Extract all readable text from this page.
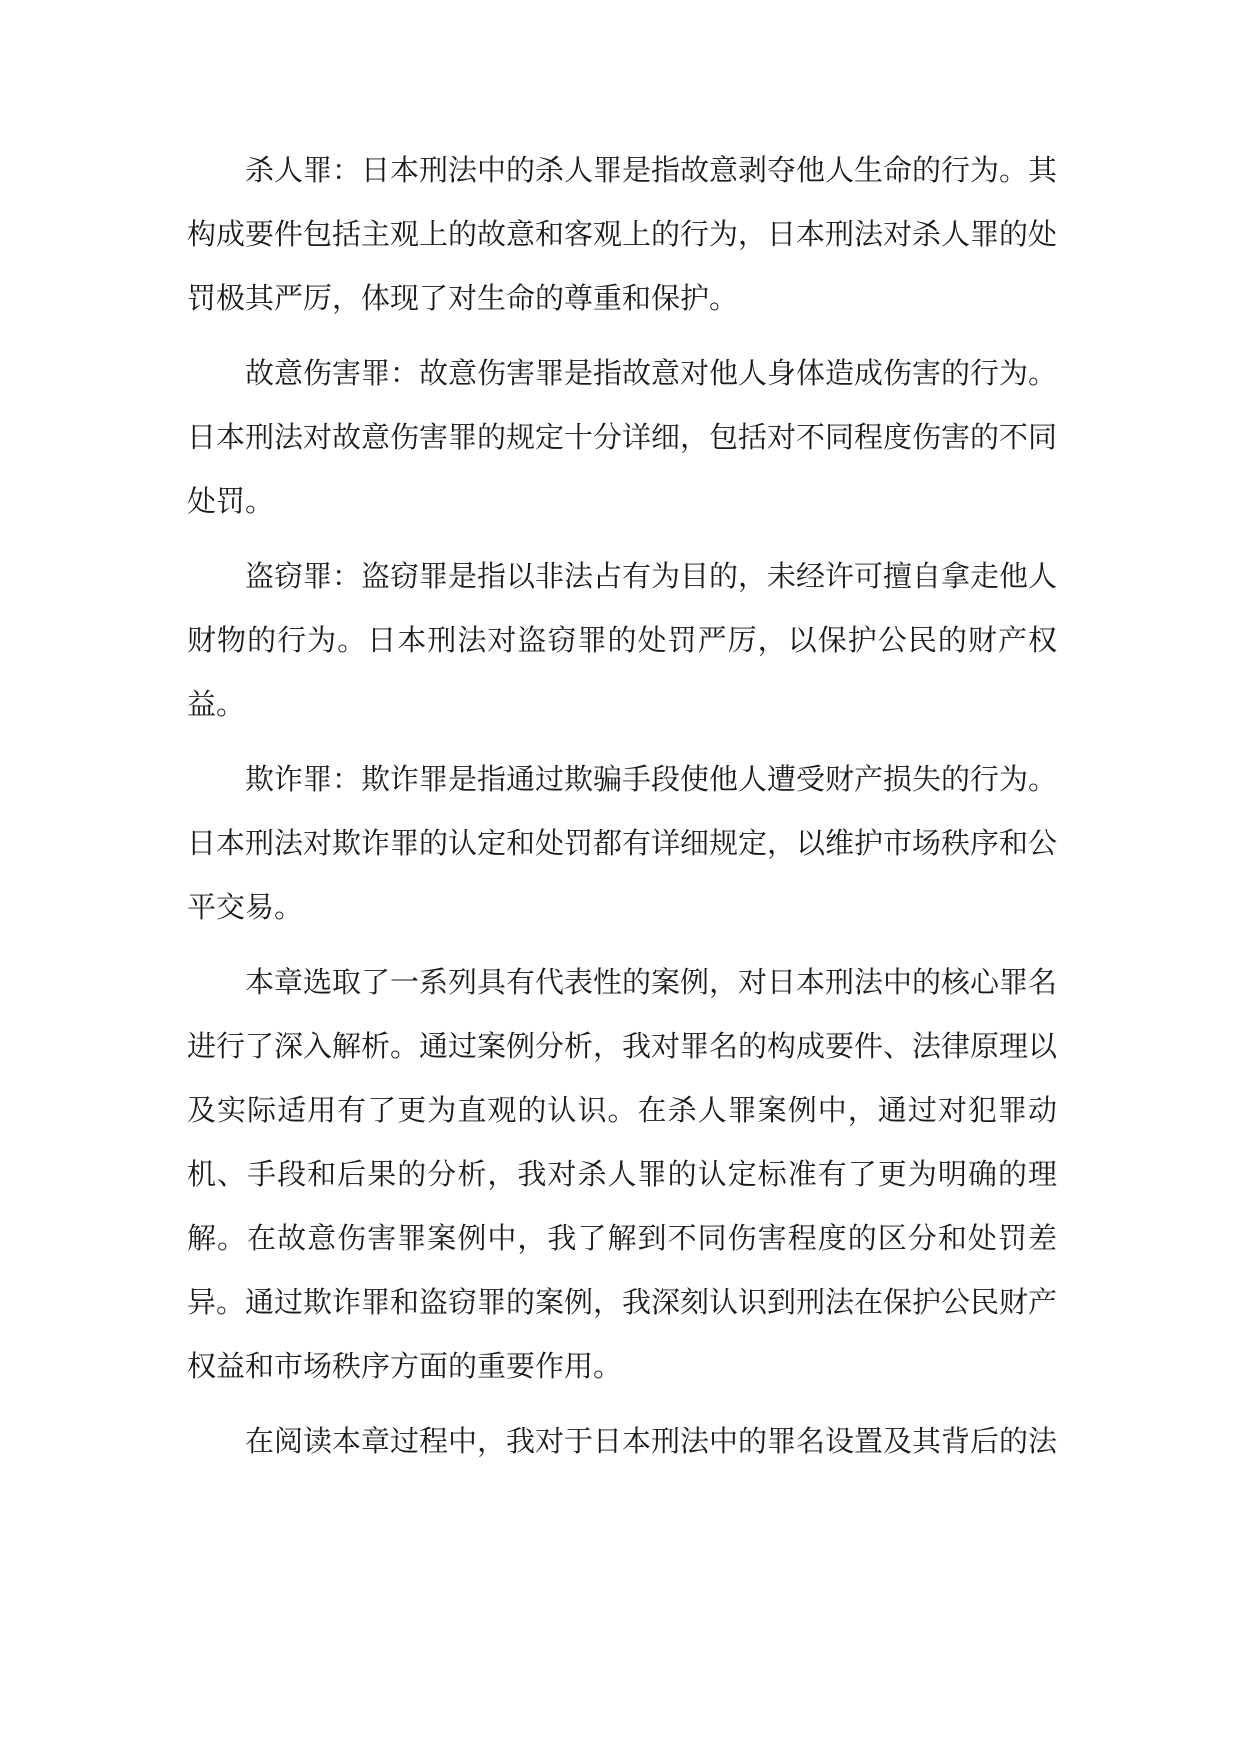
杀人罪：日本刑法中的杀人罪是指故意剥夺他人生命的行为。其构成要件包括主观上的故意和客观上的行为，日本刑法对杀人罪的处罚极其严厉，体现了对生命的尊重和保护。

故意伤害罪：故意伤害罪是指故意对他人身体造成伤害的行为。日本刑法对故意伤害罪的规定十分详细，包括对不同程度伤害的不同处罚。

盗窃罪：盗窃罪是指以非法占有为目的，未经许可擅自拿走他人财物的行为。日本刑法对盗窃罪的处罚严厉，以保护公民的财产权益。

欺诈罪：欺诈罪是指通过欺骗手段使他人遭受财产损失的行为。日本刑法对欺诈罪的认定和处罚都有详细规定，以维护市场秩序和公平交易。

本章选取了一系列具有代表性的案例，对日本刑法中的核心罪名进行了深入解析。通过案例分析，我对罪名的构成要件、法律原理以及实际适用有了更为直观的认识。在杀人罪案例中，通过对犯罪动机、手段和后果的分析，我对杀人罪的认定标准有了更为明确的理解。在故意伤害罪案例中，我了解到不同伤害程度的区分和处罚差异。通过欺诈罪和盗窃罪的案例，我深刻认识到刑法在保护公民财产权益和市场秩序方面的重要作用。

在阅读本章过程中，我对于日本刑法中的罪名设置及其背后的法
